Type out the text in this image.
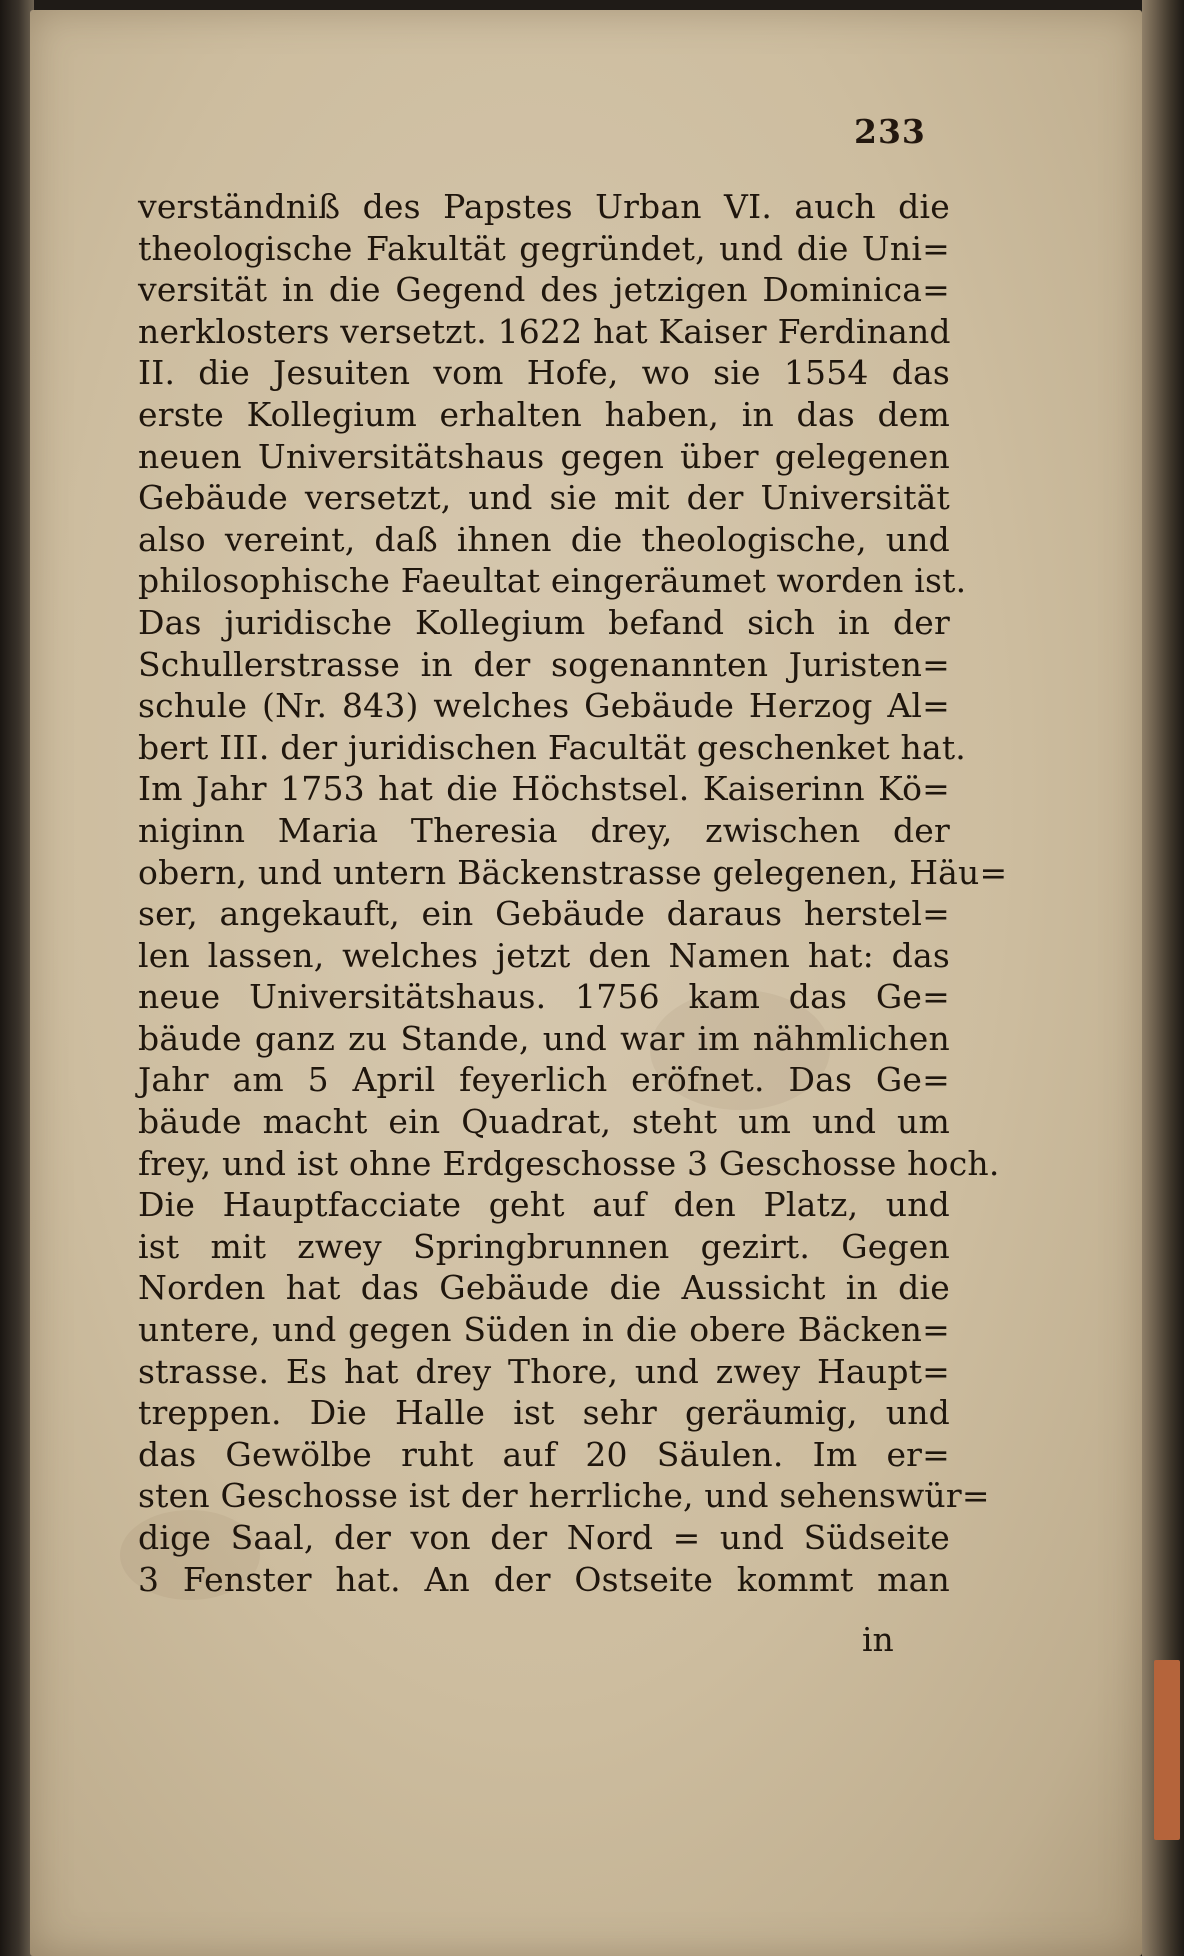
233
verständniß des Papstes Urban VI. auch die
theologische Fakultät gegründet, und die Uni=
versität in die Gegend des jetzigen Dominica=
nerklosters versetzt. 1622 hat Kaiser Ferdinand
II. die Jesuiten vom Hofe, wo sie 1554 das
erste Kollegium erhalten haben, in das dem
neuen Universitätshaus gegen über gelegenen
Gebäude versetzt, und sie mit der Universität
also vereint, daß ihnen die theologische, und
philosophische Faeultat eingeräumet worden ist.
Das juridische Kollegium befand sich in der
Schullerstrasse in der sogenannten Juristen=
schule (Nr. 843) welches Gebäude Herzog Al=
bert III. der juridischen Facultät geschenket hat.
Im Jahr 1753 hat die Höchstsel. Kaiserinn Kö=
niginn Maria Theresia drey, zwischen der
obern, und untern Bäckenstrasse gelegenen, Häu=
ser, angekauft, ein Gebäude daraus herstel=
len lassen, welches jetzt den Namen hat: das
neue Universitätshaus. 1756 kam das Ge=
bäude ganz zu Stande, und war im nähmlichen
Jahr am 5 April feyerlich eröfnet. Das Ge=
bäude macht ein Quadrat, steht um und um
frey, und ist ohne Erdgeschosse 3 Geschosse hoch.
Die Hauptfacciate geht auf den Platz, und
ist mit zwey Springbrunnen gezirt. Gegen
Norden hat das Gebäude die Aussicht in die
untere, und gegen Süden in die obere Bäcken=
strasse. Es hat drey Thore, und zwey Haupt=
treppen. Die Halle ist sehr geräumig, und
das Gewölbe ruht auf 20 Säulen. Im er=
sten Geschosse ist der herrliche, und sehenswür=
dige Saal, der von der Nord = und Südseite
3 Fenster hat. An der Ostseite kommt man
in
